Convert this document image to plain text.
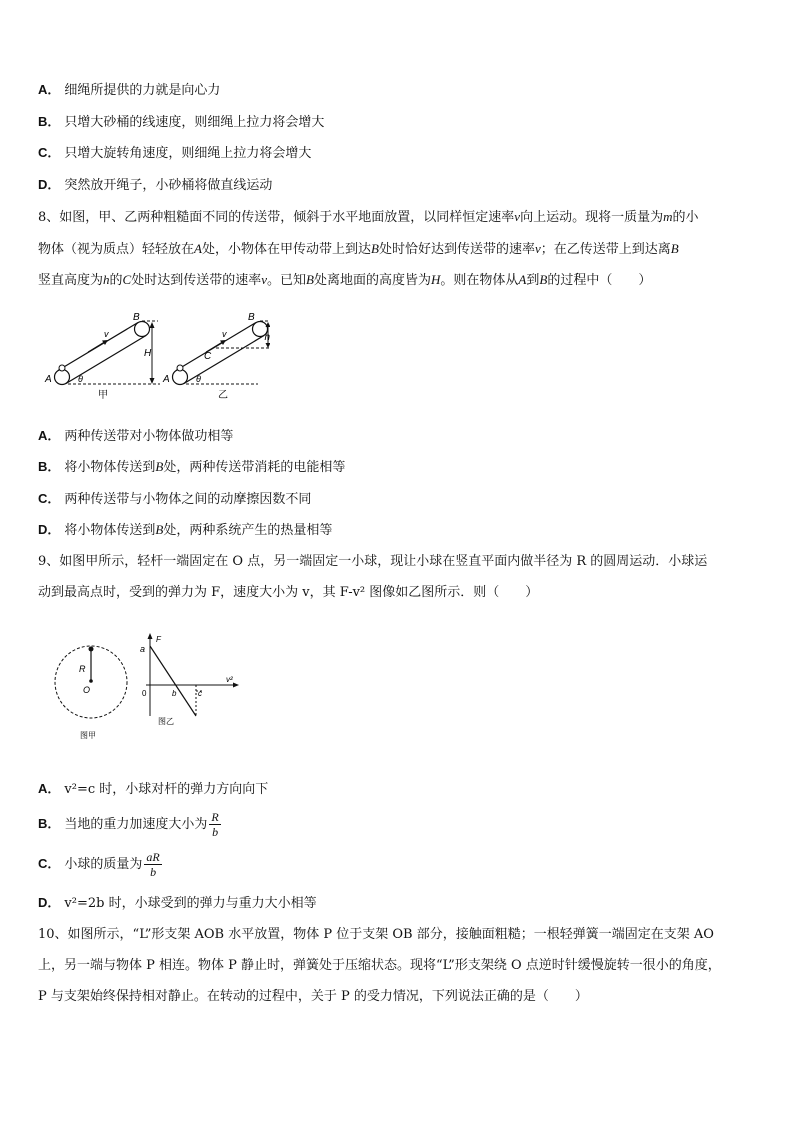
A． 细绳所提供的力就是向心力
B． 只增大砂桶的线速度，则细绳上拉力将会增大
C． 只增大旋转角速度，则细绳上拉力将会增大
D． 突然放开绳子，小砂桶将做直线运动
8、如图，甲、乙两种粗糙面不同的传送带，倾斜于水平地面放置，以同样恒定速率v向上运动。现将一质量为m的小
物体（视为质点）轻轻放在A处，小物体在甲传动带上到达B处时恰好达到传送带的速率v；在乙传送带上到达离B
竖直高度为h的C处时达到传送带的速率v。已知B处离地面的高度皆为H。则在物体从A到B的过程中（　　）
v
B
H
A	θ
甲
v
B
C
h
A	θ
乙
A． 两种传送带对小物体做功相等
B． 将小物体传送到B处，两种传送带消耗的电能相等
C． 两种传送带与小物体之间的动摩擦因数不同
D． 将小物体传送到B处，两种系统产生的热量相等
9、如图甲所示，轻杆一端固定在 O 点，另一端固定一小球，现让小球在竖直平面内做半径为 R 的圆周运动．小球运
动到最高点时，受到的弹力为 F，速度大小为 v，其 F-v² 图像如乙图所示．则（　　）
R
O
图甲
F
a
v²
0	b	c
图乙
A． v²=c 时，小球对杆的弹力方向向下
B． 当地的重力加速度大小为 $\frac{R}{b}$
C． 小球的质量为 $\frac{aR}{b}$
D． v²=2b 时，小球受到的弹力与重力大小相等
10、如图所示，“L”形支架 AOB 水平放置，物体 P 位于支架 OB 部分，接触面粗糙；一根轻弹簧一端固定在支架 AO
上，另一端与物体 P 相连。物体 P 静止时，弹簧处于压缩状态。现将“L”形支架绕 O 点逆时针缓慢旋转一很小的角度，
P 与支架始终保持相对静止。在转动的过程中，关于 P 的受力情况，下列说法正确的是（　　）
